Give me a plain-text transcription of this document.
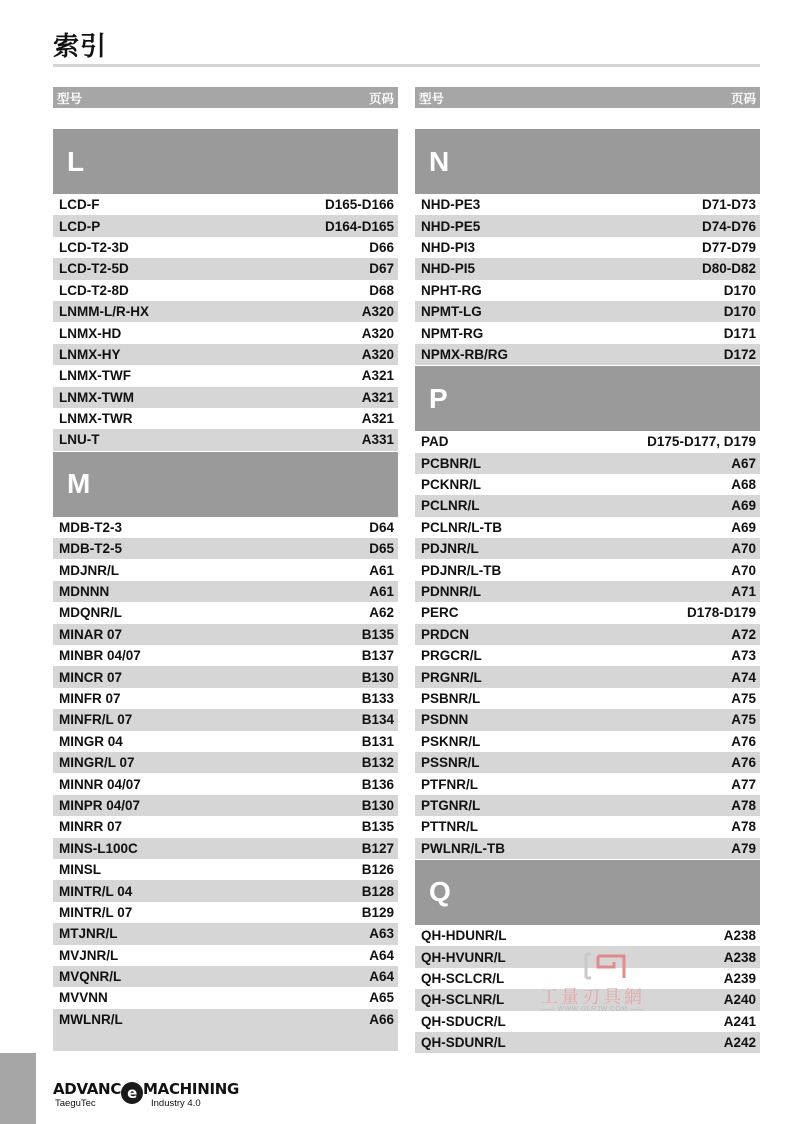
索引
型号	页码
L
LCD-F	D165-D166
LCD-P	D164-D165
LCD-T2-3D	D66
LCD-T2-5D	D67
LCD-T2-8D	D68
LNMM-L/R-HX	A320
LNMX-HD	A320
LNMX-HY	A320
LNMX-TWF	A321
LNMX-TWM	A321
LNMX-TWR	A321
LNU-T	A331
M
MDB-T2-3	D64
MDB-T2-5	D65
MDJNR/L	A61
MDNNN	A61
MDQNR/L	A62
MINAR 07	B135
MINBR 04/07	B137
MINCR 07	B130
MINFR 07	B133
MINFR/L 07	B134
MINGR 04	B131
MINGR/L 07	B132
MINNR 04/07	B136
MINPR 04/07	B130
MINRR 07	B135
MINS-L100C	B127
MINSL	B126
MINTR/L 04	B128
MINTR/L 07	B129
MTJNR/L	A63
MVJNR/L	A64
MVQNR/L	A64
MVVNN	A65
MWLNR/L	A66
型号	页码
N
NHD-PE3	D71-D73
NHD-PE5	D74-D76
NHD-PI3	D77-D79
NHD-PI5	D80-D82
NPHT-RG	D170
NPMT-LG	D170
NPMT-RG	D171
NPMX-RB/RG	D172
P
PAD	D175-D177, D179
PCBNR/L	A67
PCKNR/L	A68
PCLNR/L	A69
PCLNR/L-TB	A69
PDJNR/L	A70
PDJNR/L-TB	A70
PDNNR/L	A71
PERC	D178-D179
PRDCN	A72
PRGCR/L	A73
PRGNR/L	A74
PSBNR/L	A75
PSDNN	A75
PSKNR/L	A76
PSSNR/L	A76
PTFNR/L	A77
PTGNR/L	A78
PTTNR/L	A78
PWLNR/L-TB	A79
Q
QH-HDUNR/L	A238
QH-HVUNR/L	A238
QH-SCLCR/L	A239
QH-SCLNR/L	A240
QH-SDUCR/L	A241
QH-SDUNR/L	A242
ADVANC e MACHINING
TaeguTec	Industry 4.0
工量刃具網
—— WWW.GLRJW.COM ——
